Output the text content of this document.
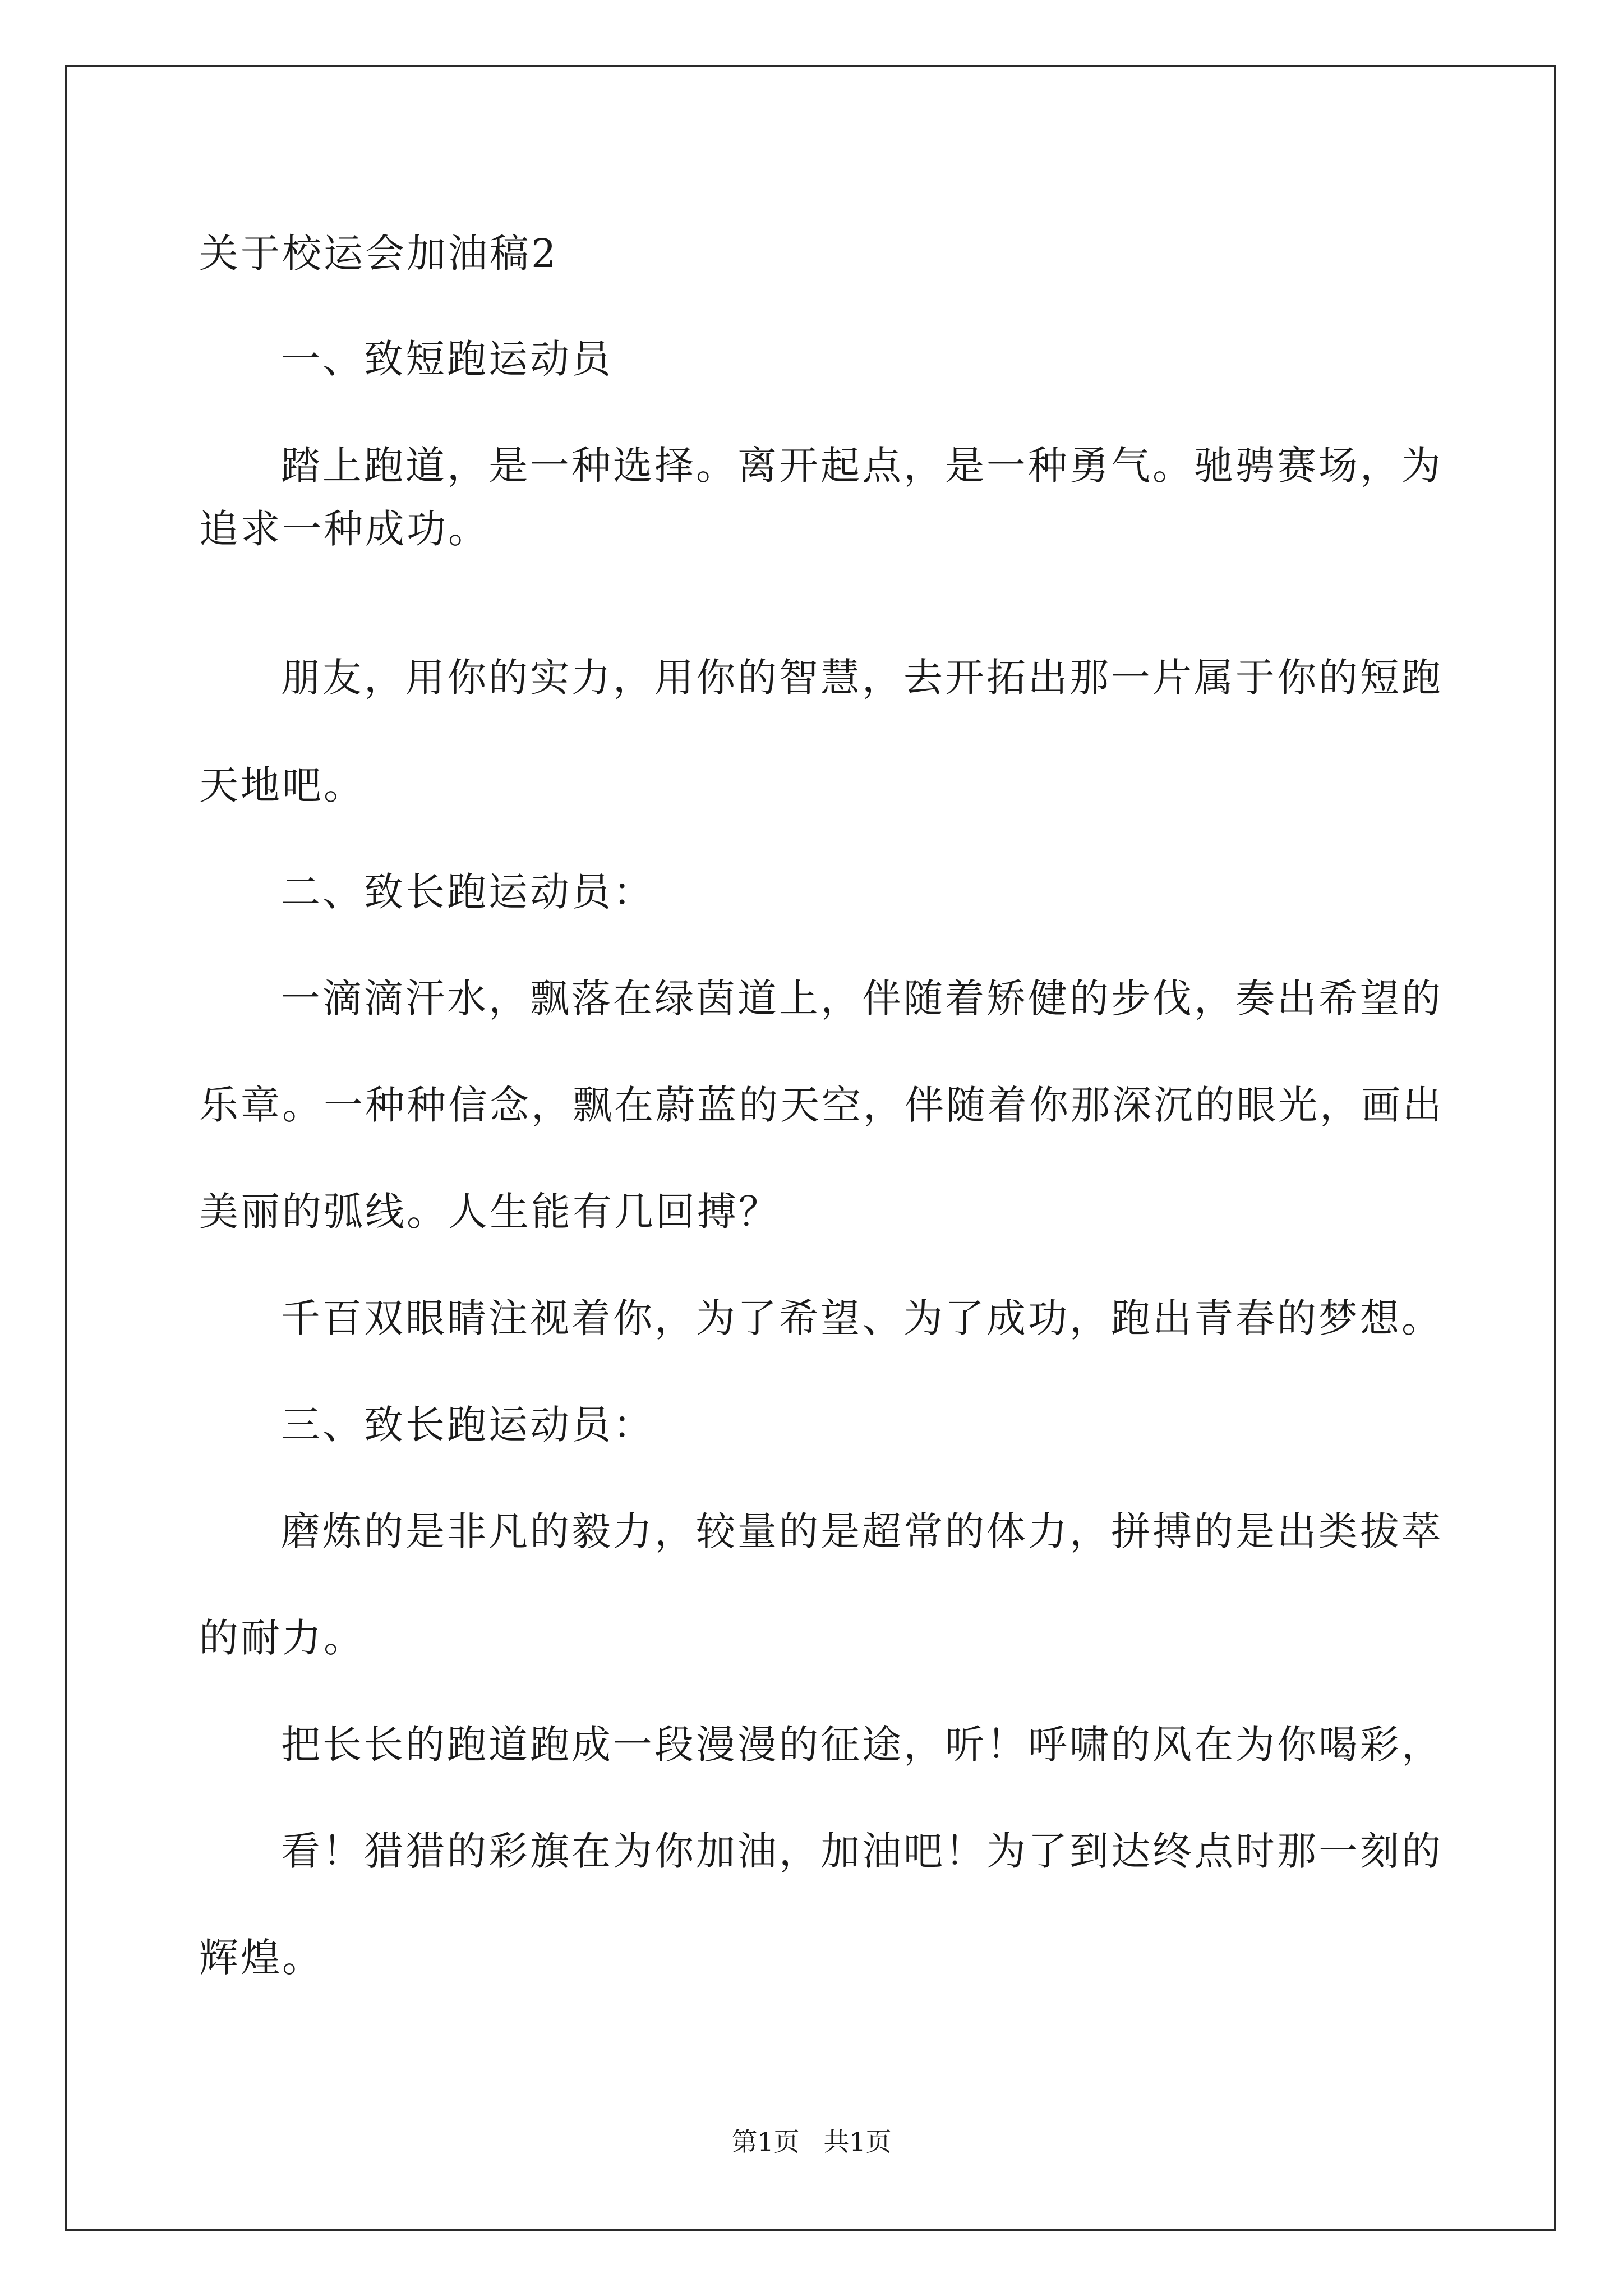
关于校运会加油稿2
一、致短跑运动员
踏上跑道，是一种选择。离开起点，是一种勇气。驰骋赛场，为
追求一种成功。
朋友，用你的实力，用你的智慧，去开拓出那一片属于你的短跑
天地吧。
二、致长跑运动员：
一滴滴汗水，飘落在绿茵道上，伴随着矫健的步伐，奏出希望的
乐章。一种种信念，飘在蔚蓝的天空，伴随着你那深沉的眼光，画出
美丽的弧线。人生能有几回搏？
千百双眼睛注视着你，为了希望、为了成功，跑出青春的梦想。
三、致长跑运动员：
磨炼的是非凡的毅力，较量的是超常的体力，拼搏的是出类拔萃
的耐力。
把长长的跑道跑成一段漫漫的征途，听！呼啸的风在为你喝彩，
看！猎猎的彩旗在为你加油，加油吧！为了到达终点时那一刻的
辉煌。
第1页 共1页
